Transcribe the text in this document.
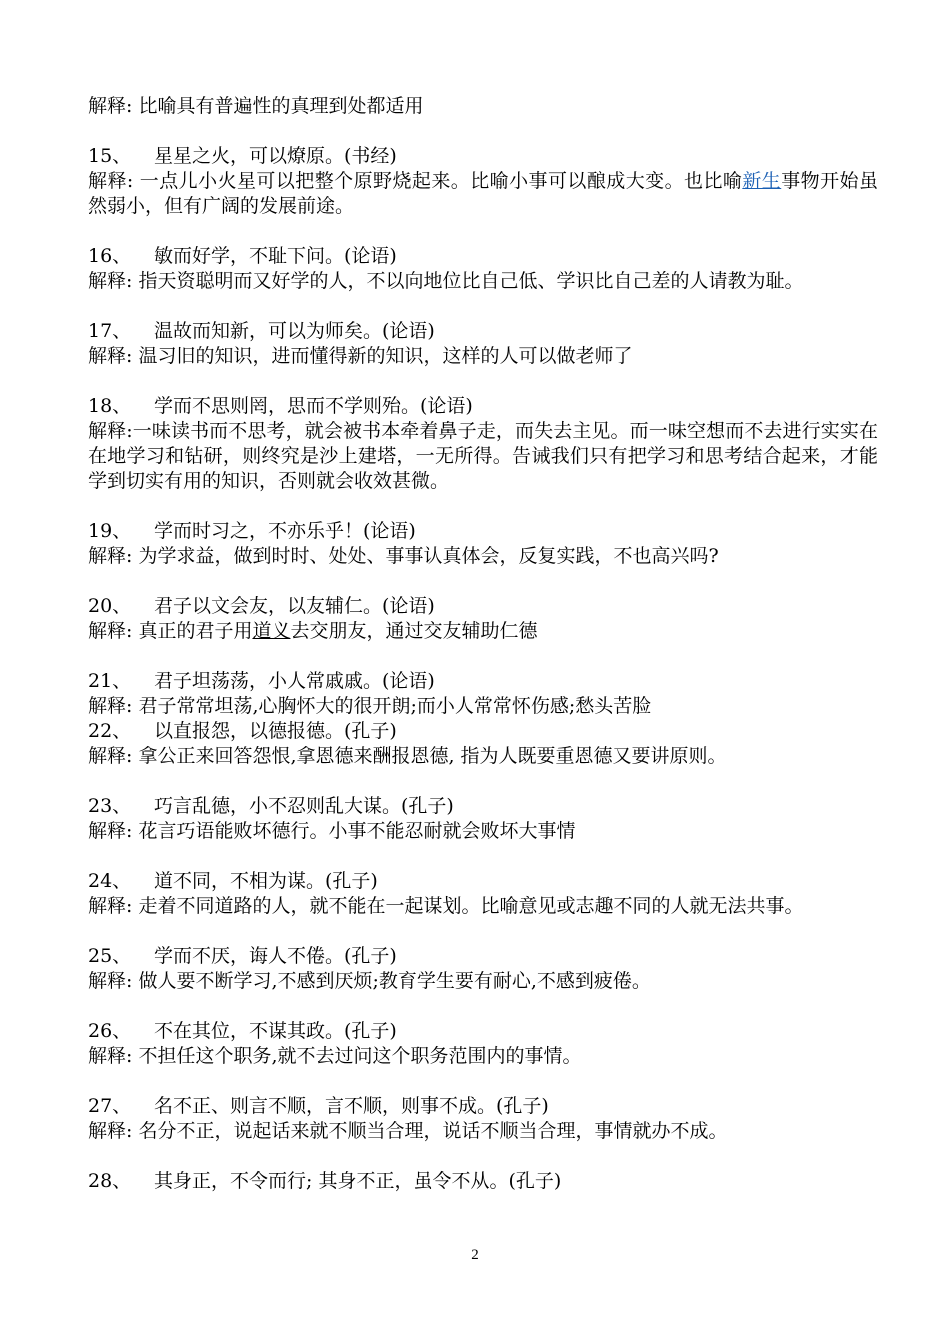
解释: 比喻具有普遍性的真理到处都适用
15、 星星之火，可以燎原。(书经)
解释: 一点儿小火星可以把整个原野烧起来。比喻小事可以酿成大变。也比喻新生事物开始虽然弱小，但有广阔的发展前途。
16、 敏而好学，不耻下问。(论语)
解释: 指天资聪明而又好学的人，不以向地位比自己低、学识比自己差的人请教为耻。
17、 温故而知新，可以为师矣。(论语)
解释: 温习旧的知识，进而懂得新的知识，这样的人可以做老师了
18、 学而不思则罔，思而不学则殆。(论语)
解释:一味读书而不思考，就会被书本牵着鼻子走，而失去主见。而一味空想而不去进行实实在在地学习和钻研，则终究是沙上建塔，一无所得。告诫我们只有把学习和思考结合起来，才能学到切实有用的知识，否则就会收效甚微。
19、 学而时习之，不亦乐乎！(论语)
解释: 为学求益，做到时时、处处、事事认真体会，反复实践，不也高兴吗?
20、 君子以文会友，以友辅仁。(论语)
解释: 真正的君子用道义去交朋友，通过交友辅助仁德
21、 君子坦荡荡，小人常戚戚。(论语)
解释: 君子常常坦荡,心胸怀大的很开朗;而小人常常怀伤感;愁头苦脸
22、 以直报怨，以德报德。(孔子)
解释: 拿公正来回答怨恨,拿恩德来酬报恩德, 指为人既要重恩德又要讲原则。
23、 巧言乱德，小不忍则乱大谋。(孔子)
解释: 花言巧语能败坏德行。小事不能忍耐就会败坏大事情
24、 道不同，不相为谋。(孔子)
解释: 走着不同道路的人，就不能在一起谋划。比喻意见或志趣不同的人就无法共事。
25、 学而不厌，诲人不倦。(孔子)
解释: 做人要不断学习,不感到厌烦;教育学生要有耐心,不感到疲倦。
26、 不在其位，不谋其政。(孔子)
解释: 不担任这个职务,就不去过问这个职务范围内的事情。
27、 名不正、则言不顺，言不顺，则事不成。(孔子)
解释: 名分不正，说起话来就不顺当合理，说话不顺当合理，事情就办不成。
28、 其身正，不令而行; 其身不正，虽令不从。(孔子)
2
